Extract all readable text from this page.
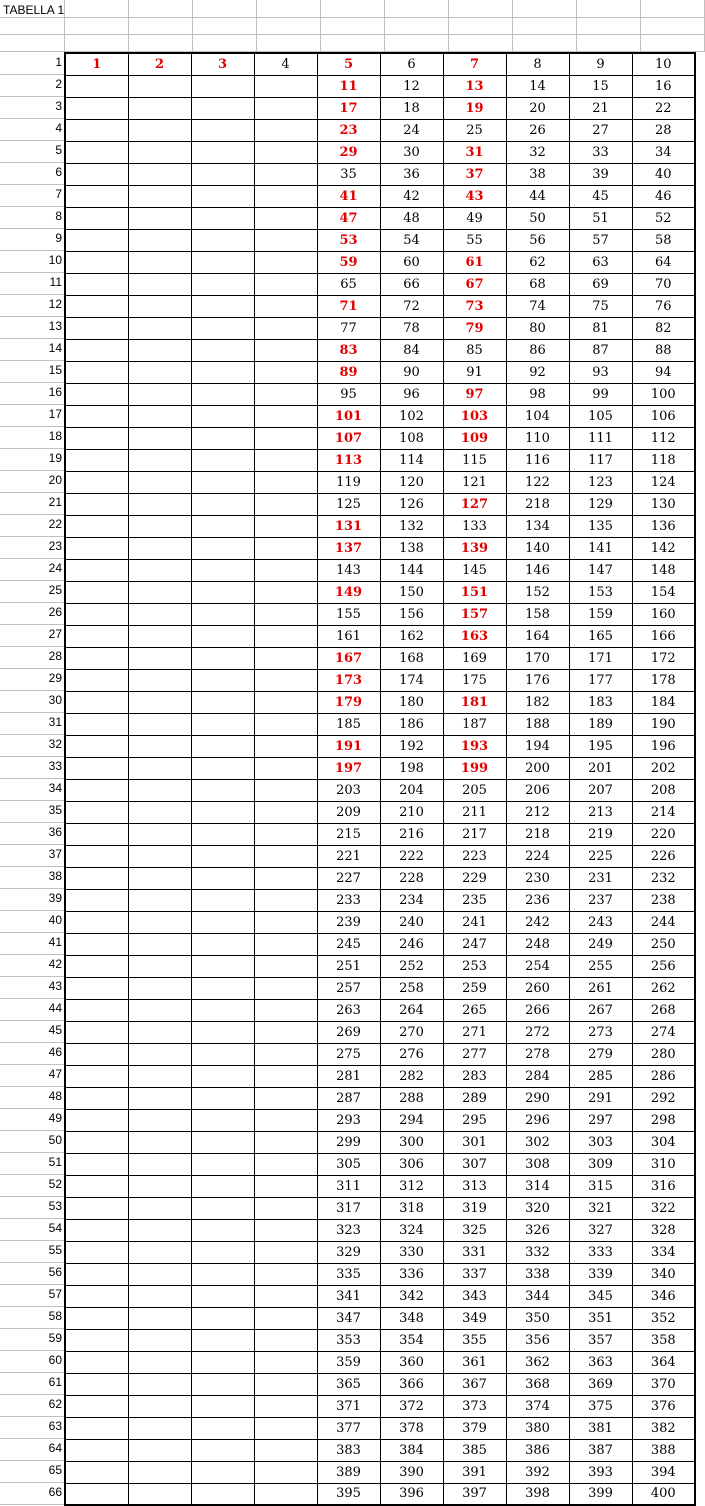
TABELLA 1
1	2	3	4	5	6	7	8	9	10
				11	12	13	14	15	16
				17	18	19	20	21	22
				23	24	25	26	27	28
				29	30	31	32	33	34
				35	36	37	38	39	40
				41	42	43	44	45	46
				47	48	49	50	51	52
				53	54	55	56	57	58
				59	60	61	62	63	64
				65	66	67	68	69	70
				71	72	73	74	75	76
				77	78	79	80	81	82
				83	84	85	86	87	88
				89	90	91	92	93	94
				95	96	97	98	99	100
				101	102	103	104	105	106
				107	108	109	110	111	112
				113	114	115	116	117	118
				119	120	121	122	123	124
				125	126	127	218	129	130
				131	132	133	134	135	136
				137	138	139	140	141	142
				143	144	145	146	147	148
				149	150	151	152	153	154
				155	156	157	158	159	160
				161	162	163	164	165	166
				167	168	169	170	171	172
				173	174	175	176	177	178
				179	180	181	182	183	184
				185	186	187	188	189	190
				191	192	193	194	195	196
				197	198	199	200	201	202
				203	204	205	206	207	208
				209	210	211	212	213	214
				215	216	217	218	219	220
				221	222	223	224	225	226
				227	228	229	230	231	232
				233	234	235	236	237	238
				239	240	241	242	243	244
				245	246	247	248	249	250
				251	252	253	254	255	256
				257	258	259	260	261	262
				263	264	265	266	267	268
				269	270	271	272	273	274
				275	276	277	278	279	280
				281	282	283	284	285	286
				287	288	289	290	291	292
				293	294	295	296	297	298
				299	300	301	302	303	304
				305	306	307	308	309	310
				311	312	313	314	315	316
				317	318	319	320	321	322
				323	324	325	326	327	328
				329	330	331	332	333	334
				335	336	337	338	339	340
				341	342	343	344	345	346
				347	348	349	350	351	352
				353	354	355	356	357	358
				359	360	361	362	363	364
				365	366	367	368	369	370
				371	372	373	374	375	376
				377	378	379	380	381	382
				383	384	385	386	387	388
				389	390	391	392	393	394
				395	396	397	398	399	400
1
2
3
4
5
6
7
8
9
10
11
12
13
14
15
16
17
18
19
20
21
22
23
24
25
26
27
28
29
30
31
32
33
34
35
36
37
38
39
40
41
42
43
44
45
46
47
48
49
50
51
52
53
54
55
56
57
58
59
60
61
62
63
64
65
66
